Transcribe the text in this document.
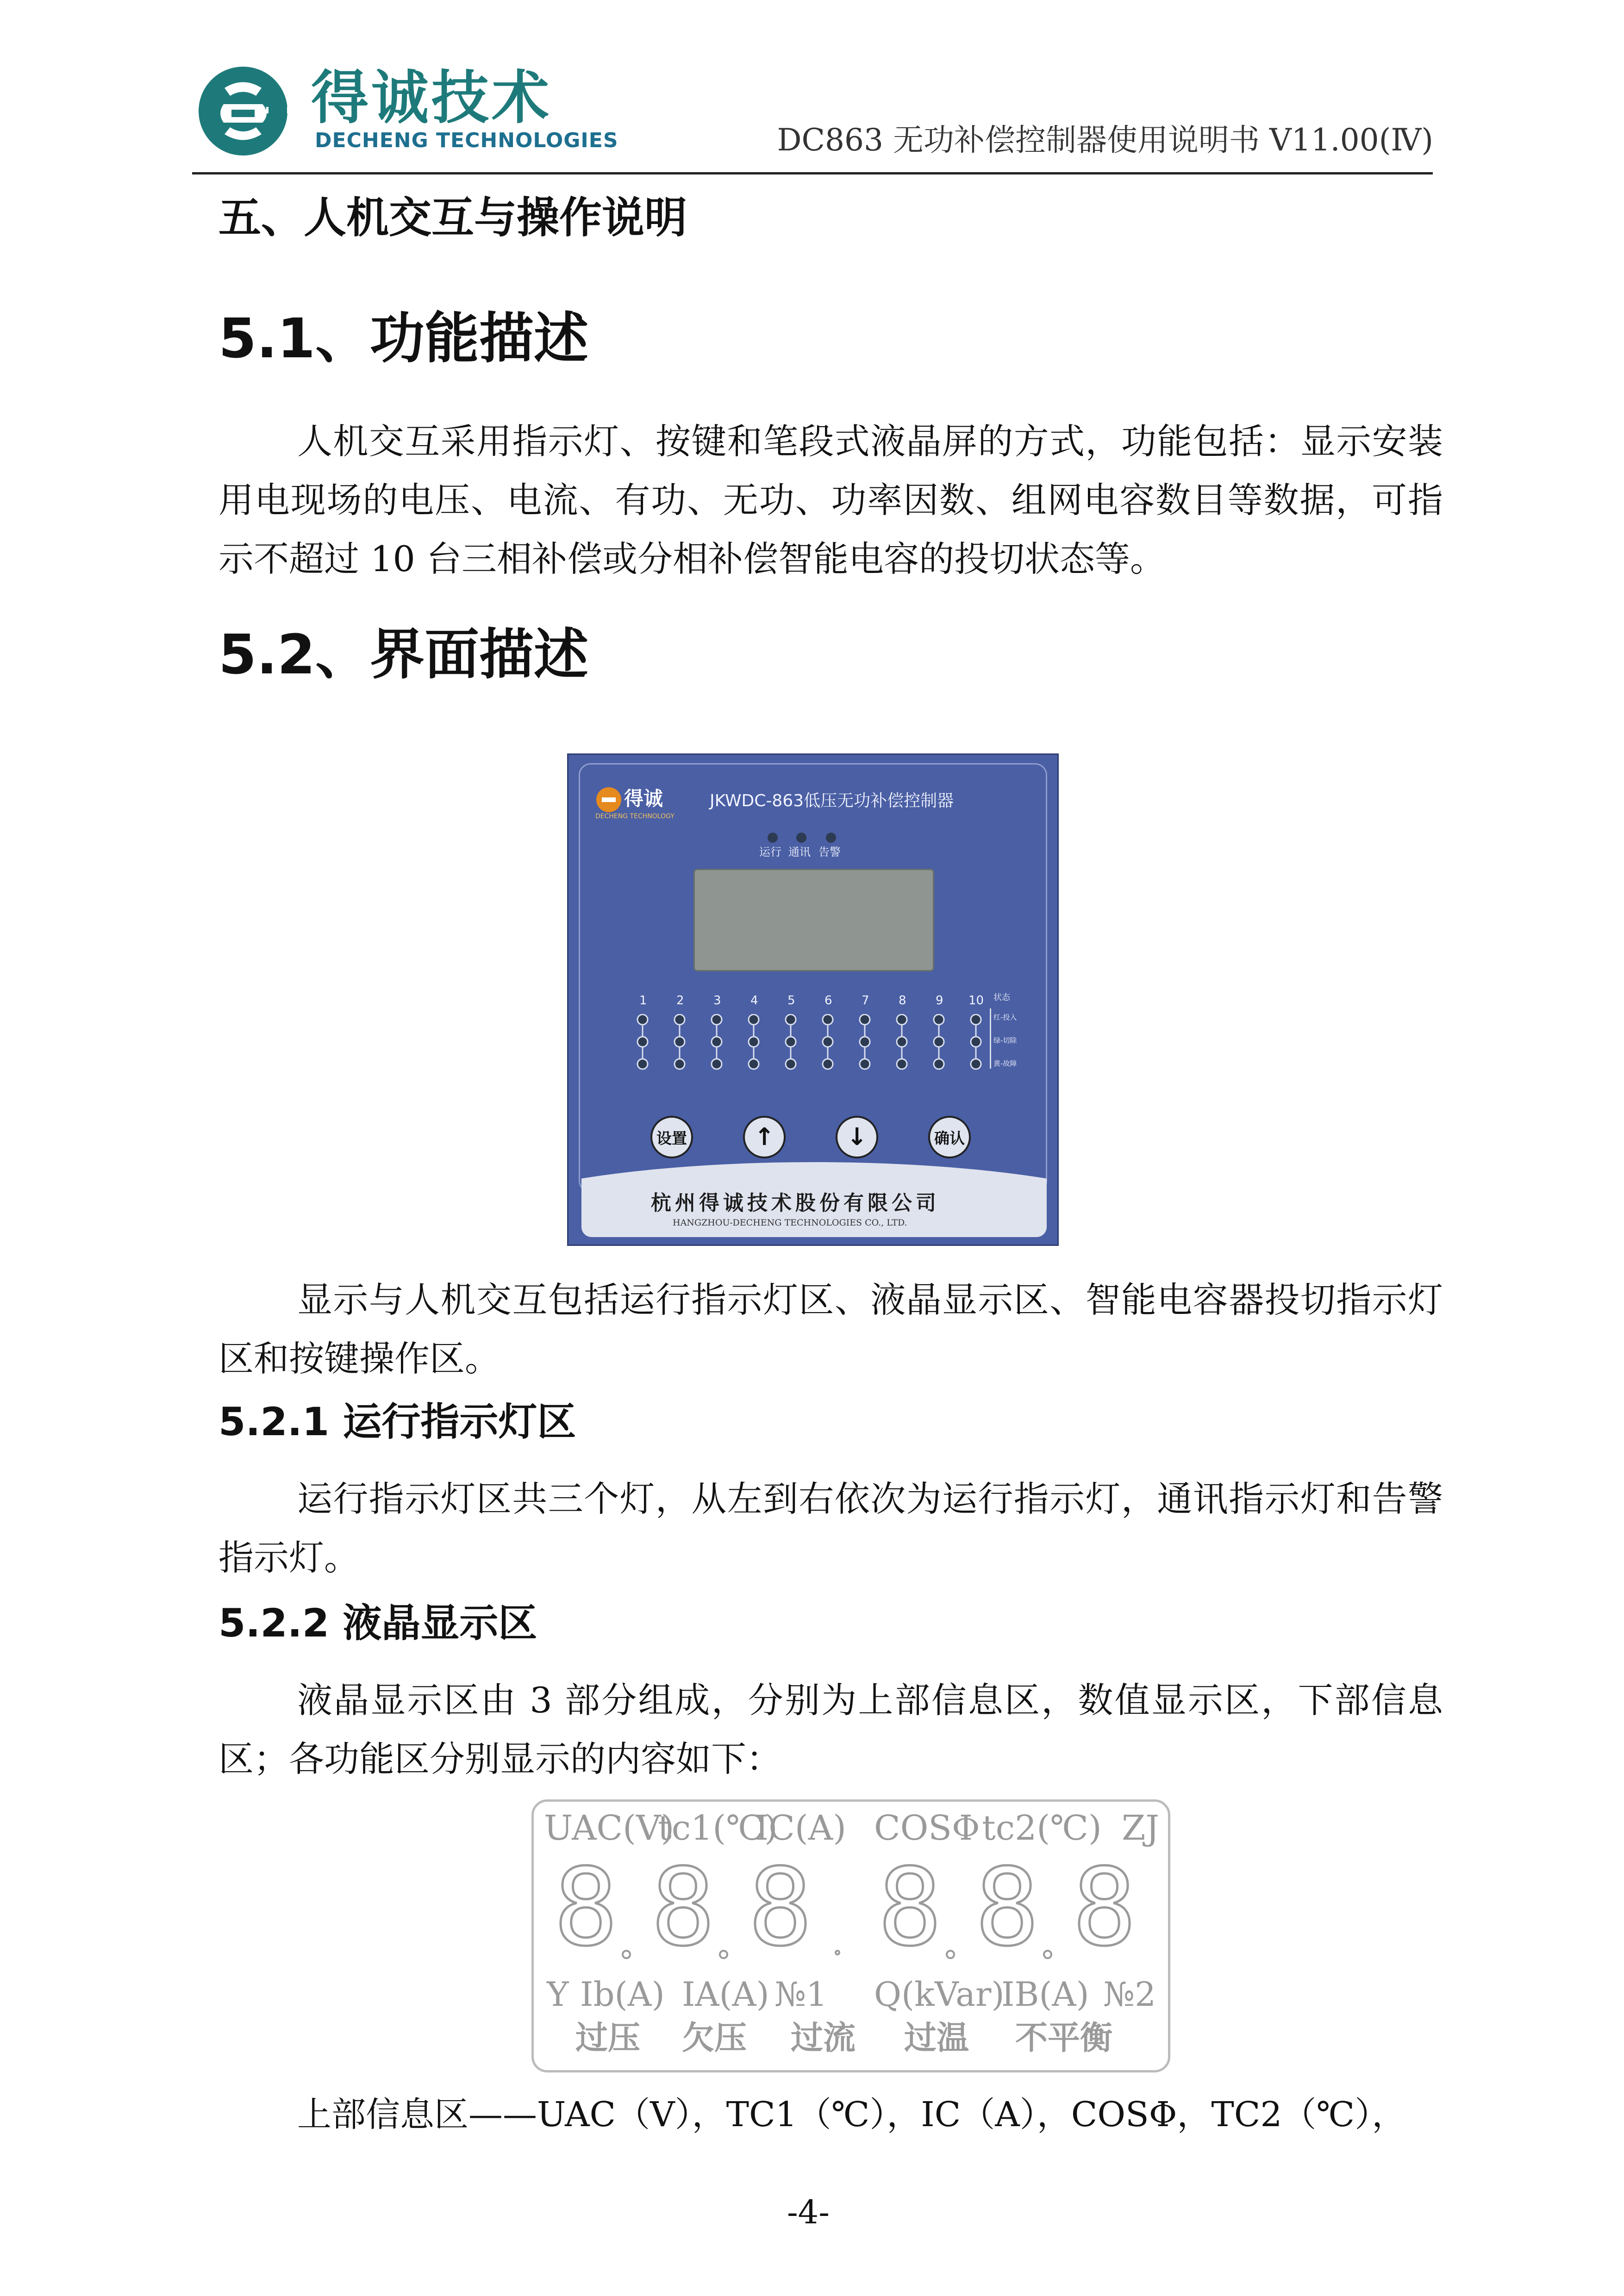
得诚技术
DECHENG TECHNOLOGIES	DC863 无功补偿控制器使用说明书 V11.00(Ⅳ)
五、人机交互与操作说明
5.1、功能描述
人机交互采用指示灯、按键和笔段式液晶屏的方式，功能包括：显示安装用电现场的电压、电流、有功、无功、功率因数、组网电容数目等数据，可指示不超过 10 台三相补偿或分相补偿智能电容的投切状态等。
5.2、界面描述
得诚
DECHENG TECHNOLOGY
JKWDC-863低压无功补偿控制器
运行 通讯 告警
1 2 3 4 5 6 7 8 9 10 状态
红-投入
绿-切除
黄-故障
设置	↑	↓	确认
杭州得诚技术股份有限公司
HANGZHOU-DECHENG TECHNOLOGIES CO., LTD.
显示与人机交互包括运行指示灯区、液晶显示区、智能电容器投切指示灯区和按键操作区。
5.2.1 运行指示灯区
运行指示灯区共三个灯，从左到右依次为运行指示灯，通讯指示灯和告警指示灯。
5.2.2 液晶显示区
液晶显示区由 3 部分组成，分别为上部信息区，数值显示区，下部信息区；各功能区分别显示的内容如下：
UAC(V)
tc1(℃)
IC(A) COSΦ tc2(℃) ZJ
8 8 8 8 8 8
Y Ib(A) IA(A) №1 Q(kVar)
IB(A) №2
过压 欠压 过流 过温 不平衡
上部信息区——UAC（V），TC1（℃），IC（A），COSΦ，TC2（℃），
-4-
